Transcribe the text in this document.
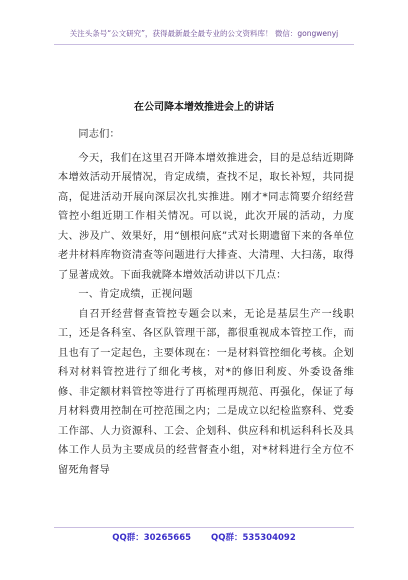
关注头条号“公文研究”，获得最新最全最专业的公文资料库！ 微信：gongwenyj
在公司降本增效推进会上的讲话

同志们：

今天，我们在这里召开降本增效推进会，目的是总结近期降本增效活动开展情况，肯定成绩，查找不足，取长补短，共同提高，促进活动开展向深层次扎实推进。刚才*同志简要介绍经营管控小组近期工作相关情况。可以说，此次开展的活动，力度大、涉及广、效果好，用“刨根问底”式对长期遗留下来的各单位老井材料库物资清查等问题进行大排查、大清理、大扫荡，取得了显著成效。下面我就降本增效活动讲以下几点：

一、肯定成绩，正视问题

自召开经营督查管控专题会以来，无论是基层生产一线职工，还是各科室、各区队管理干部，都很重视成本管控工作，而且也有了一定起色，主要体现在：一是材料管控细化考核。企划科对材料管控进行了细化考核，对*的修旧利废、外委设备维修、非定额材料管控等进行了再梳理再规范、再强化，保证了每月材料费用控制在可控范围之内；二是成立以纪检监察科、党委工作部、人力资源科、工会、企划科、供应科和机运科科长及具体工作人员为主要成员的经营督查小组，对*材料进行全方位不留死角督导

QQ群：30265665 QQ群：535304092
